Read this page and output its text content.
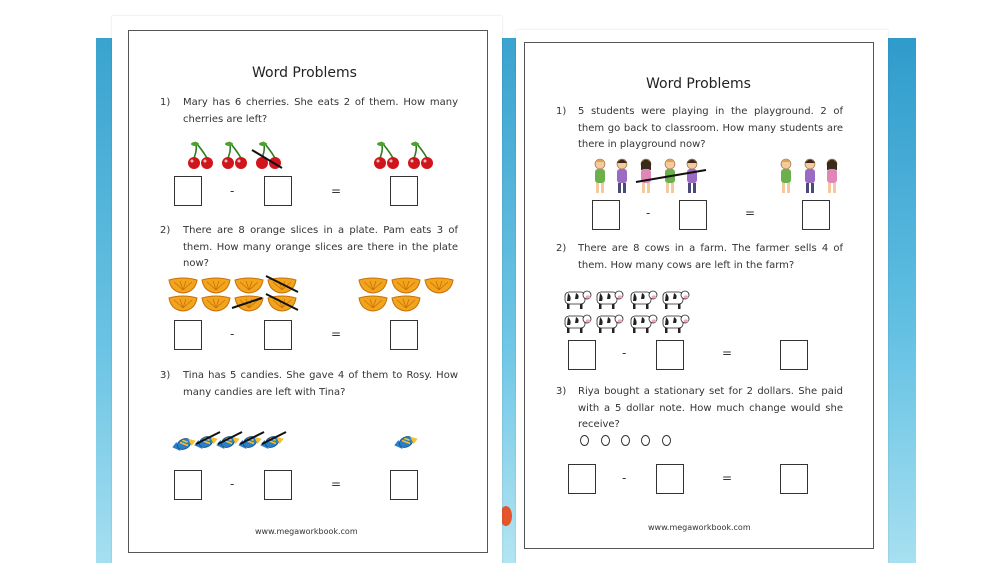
Word Problems
1) Mary has 6 cherries. She eats 2 of them. How many cherries are left?
-	=
2) There are 8 orange slices in a plate. Pam eats 3 of them. How many orange slices are there in the plate now?
-	=
3) Tina has 5 candies. She gave 4 of them to Rosy. How many candies are left with Tina?
-	=
www.megaworkbook.com
Word Problems
1) 5 students were playing in the playground. 2 of them go back to classroom. How many students are there in playground now?
-	=
2) There are 8 cows in a farm. The farmer sells 4 of them. How many cows are left in the farm?
-	=
3) Riya bought a stationary set for 2 dollars. She paid with a 5 dollar note. How much change would she receive?
-	=
www.megaworkbook.com
